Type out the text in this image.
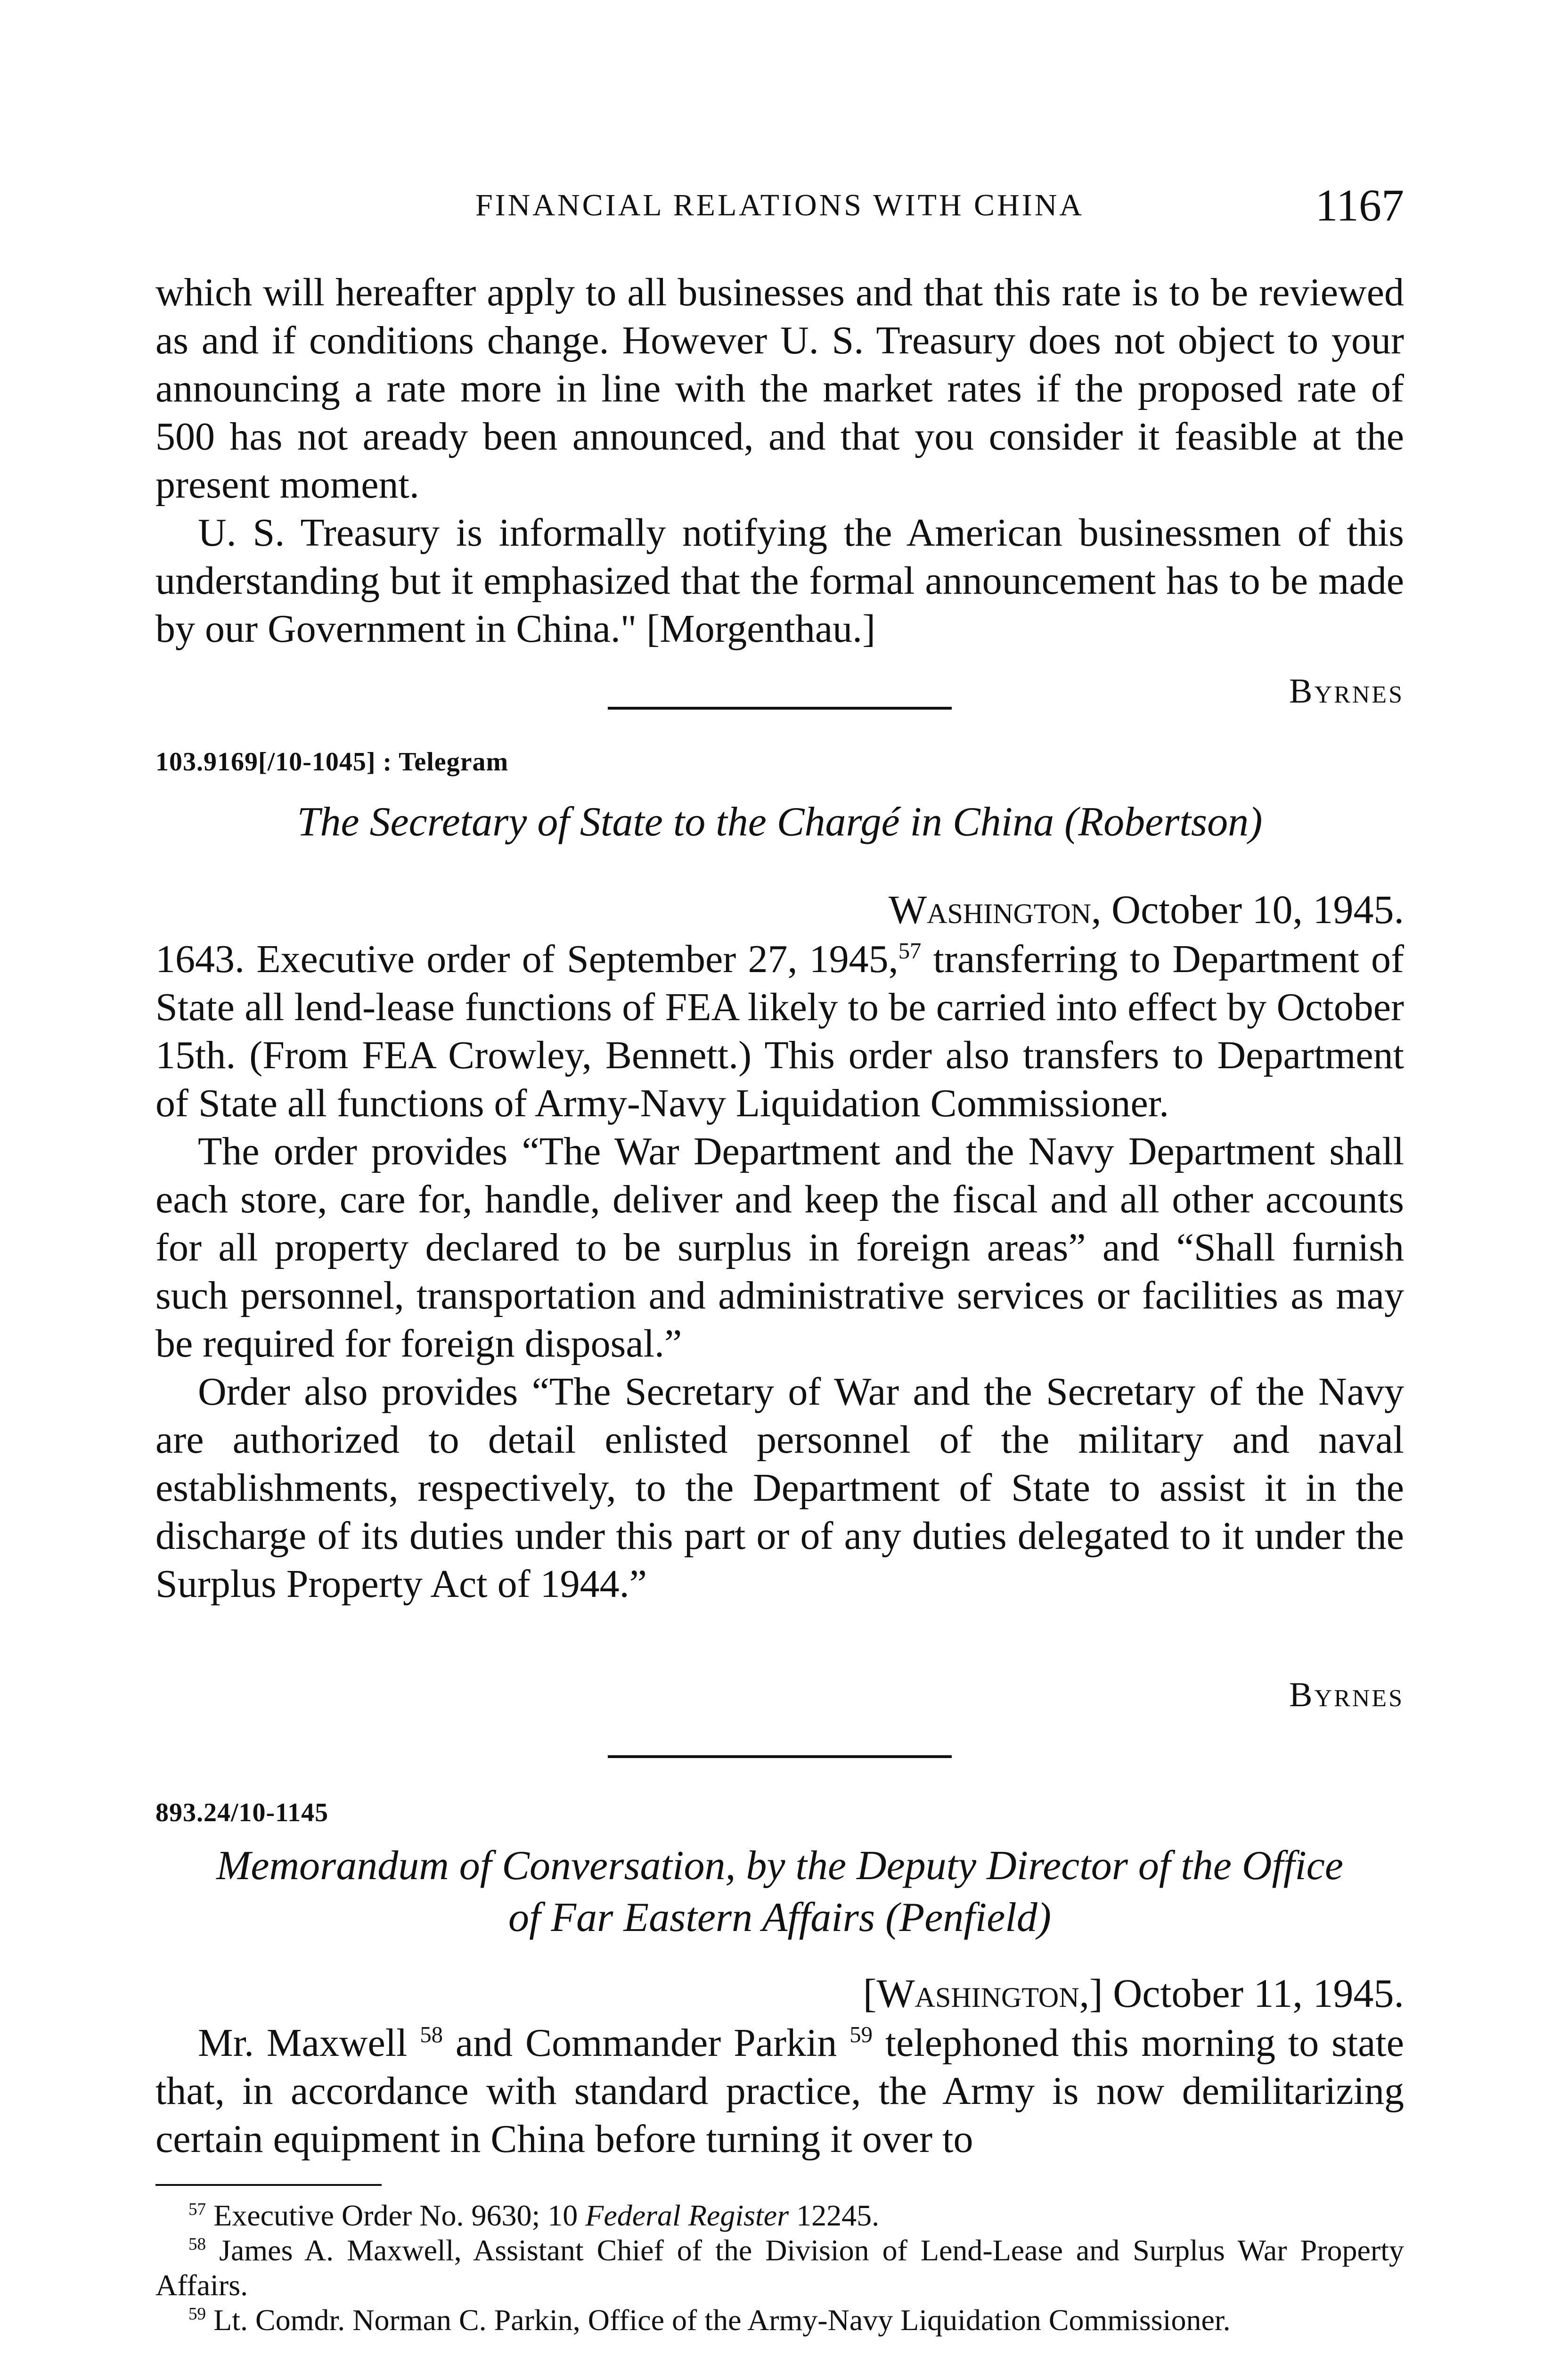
FINANCIAL RELATIONS WITH CHINA	1167

which will hereafter apply to all businesses and that this rate is to be reviewed as and if conditions change. However U. S. Treasury does not object to your announcing a rate more in line with the market rates if the proposed rate of 500 has not aready been announced, and that you consider it feasible at the present moment.

U. S. Treasury is informally notifying the American businessmen of this understanding but it emphasized that the formal announcement has to be made by our Government in China." [Morgenthau.]

Byrnes

103.9169[/10-1045] : Telegram

The Secretary of State to the Chargé in China (Robertson)

Washington, October 10, 1945.

1643. Executive order of September 27, 1945,57 transferring to Department of State all lend-lease functions of FEA likely to be carried into effect by October 15th. (From FEA Crowley, Bennett.) This order also transfers to Department of State all functions of Army-Navy Liquidation Commissioner.

The order provides “The War Department and the Navy Department shall each store, care for, handle, deliver and keep the fiscal and all other accounts for all property declared to be surplus in foreign areas” and “Shall furnish such personnel, transportation and administrative services or facilities as may be required for foreign disposal.”

Order also provides “The Secretary of War and the Secretary of the Navy are authorized to detail enlisted personnel of the military and naval establishments, respectively, to the Department of State to assist it in the discharge of its duties under this part or of any duties delegated to it under the Surplus Property Act of 1944.”

Byrnes

893.24/10-1145

Memorandum of Conversation, by the Deputy Director of the Office

of Far Eastern Affairs (Penfield)

[Washington,] October 11, 1945.

Mr. Maxwell $^{58}$ and Commander Parkin $^{59}$ telephoned this morning to state that, in accordance with standard practice, the Army is now demilitarizing certain equipment in China before turning it over to

$^{57}$ Executive Order No. 9630; 10 Federal Register 12245.

$^{58}$ James A. Maxwell, Assistant Chief of the Division of Lend-Lease and Surplus War Property Affairs.

$^{59}$ Lt. Comdr. Norman C. Parkin, Office of the Army-Navy Liquidation Commissioner.
